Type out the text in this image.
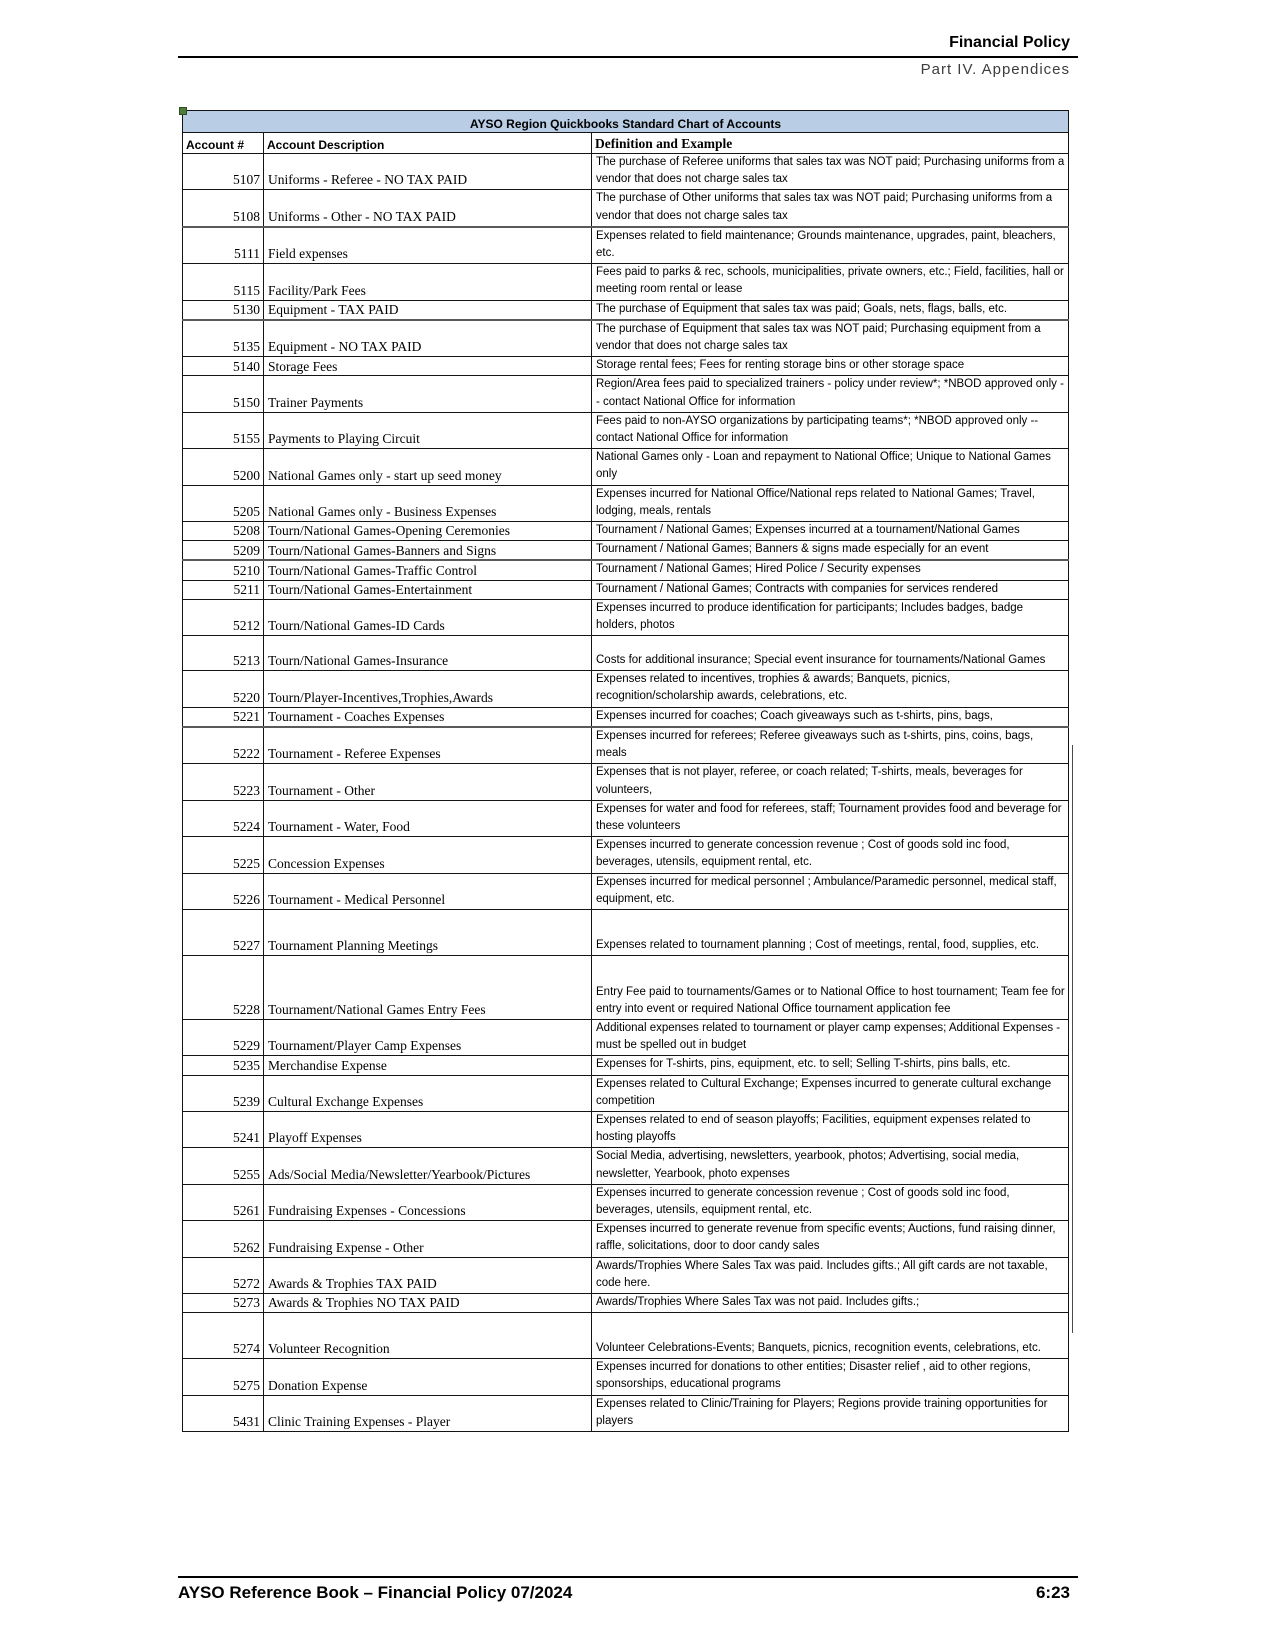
Financial Policy
Part IV. Appendices
AYSO Region Quickbooks Standard Chart of Accounts		
Account #	Account Description	Definition and Example
5107	Uniforms - Referee - NO TAX PAID	The purchase of Referee uniforms that sales tax was NOT paid; Purchasing uniforms from a vendor that does not charge sales tax
5108	Uniforms - Other - NO TAX PAID	The purchase of Other uniforms that sales tax was NOT paid; Purchasing uniforms from a vendor that does not charge sales tax
5111	Field expenses	Expenses related to field maintenance; Grounds maintenance, upgrades, paint, bleachers, etc.
5115	Facility/Park Fees	Fees paid to parks & rec, schools, municipalities, private owners, etc.; Field, facilities, hall or meeting room rental or lease
5130	Equipment - TAX PAID	The purchase of Equipment that sales tax was paid; Goals, nets, flags, balls, etc.
5135	Equipment - NO TAX PAID	The purchase of Equipment that sales tax was NOT paid; Purchasing equipment from a vendor that does not charge sales tax
5140	Storage Fees	Storage rental fees; Fees for renting storage bins or other storage space
5150	Trainer Payments	Region/Area fees paid to specialized trainers - policy under review*; *NBOD approved only -- contact National Office for information
5155	Payments to Playing Circuit	Fees paid to non-AYSO organizations by participating teams*; *NBOD approved only -- contact National Office for information
5200	National Games only - start up seed money	National Games only - Loan and repayment to National Office; Unique to National Games only
5205	National Games only - Business Expenses	Expenses incurred for National Office/National reps related to National Games; Travel, lodging, meals, rentals
5208	Tourn/National Games-Opening Ceremonies	Tournament / National Games; Expenses incurred at a tournament/National Games
5209	Tourn/National Games-Banners and Signs	Tournament / National Games; Banners & signs made especially for an event
5210	Tourn/National Games-Traffic Control	Tournament / National Games; Hired Police / Security expenses
5211	Tourn/National Games-Entertainment	Tournament / National Games; Contracts with companies for services rendered
5212	Tourn/National Games-ID Cards	Expenses incurred to produce identification for participants; Includes badges, badge holders, photos
5213	Tourn/National Games-Insurance	Costs for additional insurance; Special event insurance for tournaments/National Games
5220	Tourn/Player-Incentives,Trophies,Awards	Expenses related to incentives, trophies & awards; Banquets, picnics, recognition/scholarship awards, celebrations, etc.
5221	Tournament - Coaches Expenses	Expenses incurred for coaches; Coach giveaways such as t-shirts, pins, bags,
5222	Tournament - Referee Expenses	Expenses incurred for referees; Referee giveaways such as t-shirts, pins, coins, bags, meals
5223	Tournament - Other	Expenses that is not player, referee, or coach related; T-shirts, meals, beverages for volunteers,
5224	Tournament - Water, Food	Expenses for water and food for referees, staff; Tournament provides food and beverage for these volunteers
5225	Concession Expenses	Expenses incurred to generate concession revenue ; Cost of goods sold inc food, beverages, utensils, equipment rental, etc.
5226	Tournament - Medical Personnel	Expenses incurred for medical personnel ; Ambulance/Paramedic personnel, medical staff, equipment, etc.
5227	Tournament Planning Meetings	Expenses related to tournament planning ; Cost of meetings, rental, food, supplies, etc.
5228	Tournament/National Games Entry Fees	Entry Fee paid to tournaments/Games or to National Office to host tournament; Team fee for entry into event or required National Office tournament application fee
5229	Tournament/Player Camp Expenses	Additional expenses related to tournament or player camp expenses; Additional Expenses - must be spelled out in budget
5235	Merchandise Expense	Expenses for T-shirts, pins, equipment, etc. to sell; Selling T-shirts, pins balls, etc.
5239	Cultural Exchange Expenses	Expenses related to Cultural Exchange; Expenses incurred to generate cultural exchange competition
5241	Playoff Expenses	Expenses related to end of season playoffs; Facilities, equipment expenses related to hosting playoffs
5255	Ads/Social Media/Newsletter/Yearbook/Pictures	Social Media, advertising, newsletters, yearbook, photos; Advertising, social media, newsletter, Yearbook, photo expenses
5261	Fundraising Expenses - Concessions	Expenses incurred to generate concession revenue ; Cost of goods sold inc food, beverages, utensils, equipment rental, etc.
5262	Fundraising Expense - Other	Expenses incurred to generate revenue from specific events; Auctions, fund raising dinner, raffle, solicitations, door to door candy sales
5272	Awards & Trophies TAX PAID	Awards/Trophies Where Sales Tax was paid. Includes gifts.; All gift cards are not taxable, code here.
5273	Awards & Trophies NO TAX PAID	Awards/Trophies Where Sales Tax was not paid. Includes gifts.;
5274	Volunteer Recognition	Volunteer Celebrations-Events; Banquets, picnics, recognition events, celebrations, etc.
5275	Donation Expense	Expenses incurred for donations to other entities; Disaster relief , aid to other regions, sponsorships, educational programs
5431	Clinic Training Expenses - Player	Expenses related to Clinic/Training for Players; Regions provide training opportunities for players
AYSO Reference Book – Financial Policy 07/2024	6:23
